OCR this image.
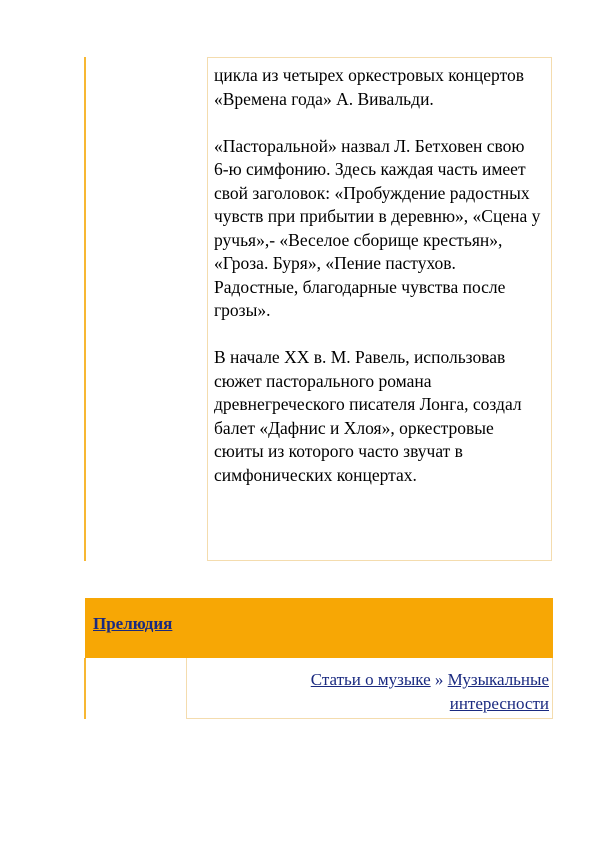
цикла из четырех оркестровых концертов «Времена года» А. Вивальди.

«Пасторальной» назвал Л. Бетховен свою 6-ю симфонию. Здесь каждая часть имеет свой заголовок: «Пробуждение радостных чувств при прибытии в деревню», «Сцена у ручья»,- «Веселое сборище крестьян», «Гроза. Буря», «Пение пастухов. Радостные, благодарные чувства после грозы».

В начале XX в. М. Равель, использовав сюжет пасторального романа древнегреческого писателя Лонга, создал балет «Дафнис и Хлоя», оркестровые сюиты из которого часто звучат в симфонических концертах.

Прелюдия
Статьи о музыке » Музыкальные интересности
